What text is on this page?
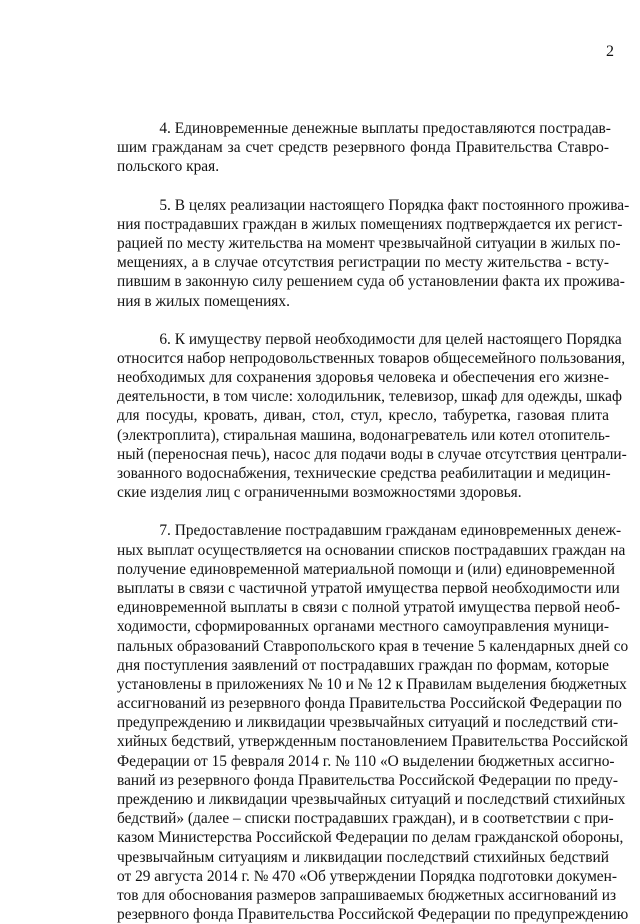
2
4. Единовременные денежные выплаты предоставляются пострадав-
шим гражданам за счет средств резервного фонда Правительства Ставро-
польского края.
5. В целях реализации настоящего Порядка факт постоянного прожива-
ния пострадавших граждан в жилых помещениях подтверждается их регист-
рацией по месту жительства на момент чрезвычайной ситуации в жилых по-
мещениях, а в случае отсутствия регистрации по месту жительства - всту-
пившим в законную силу решением суда об установлении факта их прожива-
ния в жилых помещениях.
6. К имуществу первой необходимости для целей настоящего Порядка
относится набор непродовольственных товаров общесемейного пользования,
необходимых для сохранения здоровья человека и обеспечения его жизне-
деятельности, в том числе: холодильник, телевизор, шкаф для одежды, шкаф
для посуды, кровать, диван, стол, стул, кресло, табуретка, газовая плита
(электроплита), стиральная машина, водонагреватель или котел отопитель-
ный (переносная печь), насос для подачи воды в случае отсутствия централи-
зованного водоснабжения, технические средства реабилитации и медицин-
ские изделия лиц с ограниченными возможностями здоровья.
7. Предоставление пострадавшим гражданам единовременных денеж-
ных выплат осуществляется на основании списков пострадавших граждан на
получение единовременной материальной помощи и (или) единовременной
выплаты в связи с частичной утратой имущества первой необходимости или
единовременной выплаты в связи с полной утратой имущества первой необ-
ходимости, сформированных органами местного самоуправления муници-
пальных образований Ставропольского края в течение 5 календарных дней со
дня поступления заявлений от пострадавших граждан по формам, которые
установлены в приложениях № 10 и № 12 к Правилам выделения бюджетных
ассигнований из резервного фонда Правительства Российской Федерации по
предупреждению и ликвидации чрезвычайных ситуаций и последствий сти-
хийных бедствий, утвержденным постановлением Правительства Российской
Федерации от 15 февраля 2014 г. № 110 «О выделении бюджетных ассигно-
ваний из резервного фонда Правительства Российской Федерации по преду-
преждению и ликвидации чрезвычайных ситуаций и последствий стихийных
бедствий» (далее – списки пострадавших граждан), и в соответствии с при-
казом Министерства Российской Федерации по делам гражданской обороны,
чрезвычайным ситуациям и ликвидации последствий стихийных бедствий
от 29 августа 2014 г. № 470 «Об утверждении Порядка подготовки докумен-
тов для обоснования размеров запрашиваемых бюджетных ассигнований из
резервного фонда Правительства Российской Федерации по предупреждению
